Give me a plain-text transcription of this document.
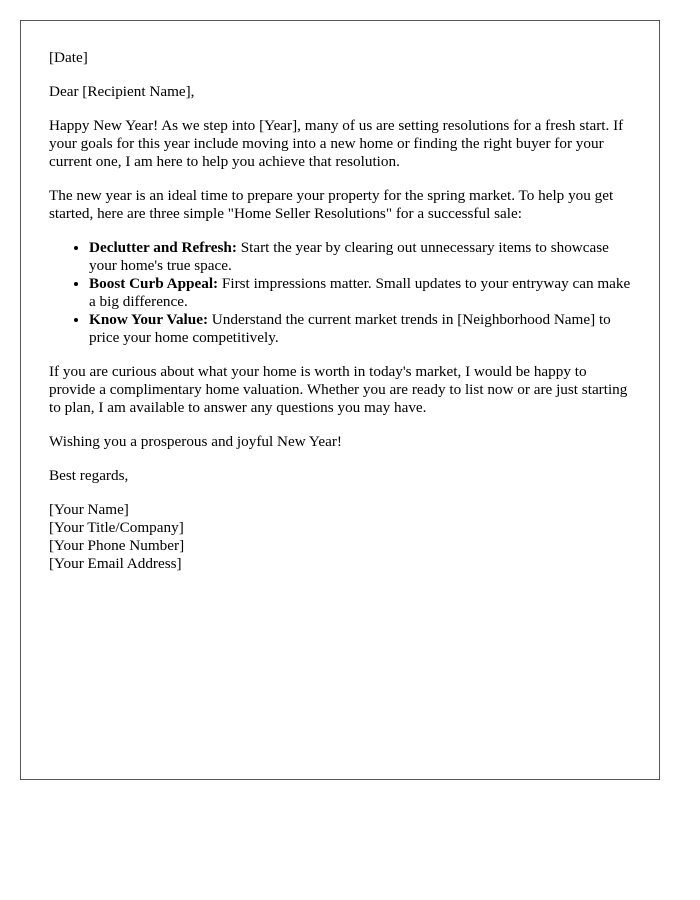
[Date]

Dear [Recipient Name],

Happy New Year! As we step into [Year], many of us are setting resolutions for a fresh start. If your goals for this year include moving into a new home or finding the right buyer for your current one, I am here to help you achieve that resolution.

The new year is an ideal time to prepare your property for the spring market. To help you get started, here are three simple "Home Seller Resolutions" for a successful sale:

• Declutter and Refresh: Start the year by clearing out unnecessary items to showcase your home's true space.
• Boost Curb Appeal: First impressions matter. Small updates to your entryway can make a big difference.
• Know Your Value: Understand the current market trends in [Neighborhood Name] to price your home competitively.

If you are curious about what your home is worth in today's market, I would be happy to provide a complimentary home valuation. Whether you are ready to list now or are just starting to plan, I am available to answer any questions you may have.

Wishing you a prosperous and joyful New Year!

Best regards,

[Your Name]
[Your Title/Company]
[Your Phone Number]
[Your Email Address]
